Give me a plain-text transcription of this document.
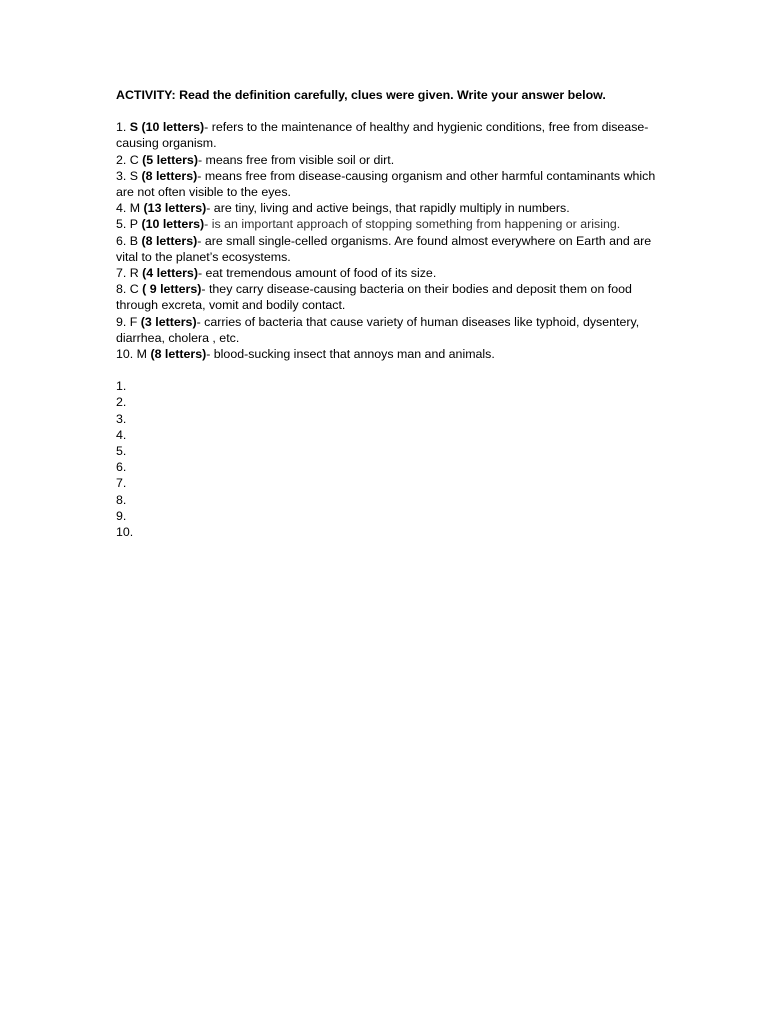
ACTIVITY: Read the definition carefully, clues were given. Write your answer below.

1. S (10 letters)- refers to the maintenance of healthy and hygienic conditions, free from disease-causing organism.

2. C (5 letters)- means free from visible soil or dirt.

3. S (8 letters)- means free from disease-causing organism and other harmful contaminants which are not often visible to the eyes.

4. M (13 letters)- are tiny, living and active beings, that rapidly multiply in numbers.

5. P (10 letters)- is an important approach of stopping something from happening or arising.

6. B (8 letters)- are small single-celled organisms. Are found almost everywhere on Earth and are vital to the planet’s ecosystems.

7. R (4 letters)- eat tremendous amount of food of its size.

8. C ( 9 letters)- they carry disease-causing bacteria on their bodies and deposit them on food through excreta, vomit and bodily contact.

9. F (3 letters)- carries of bacteria that cause variety of human diseases like typhoid, dysentery, diarrhea, cholera , etc.

10. M (8 letters)- blood-sucking insect that annoys man and animals.

1.

2.

3.

4.

5.

6.

7.

8.

9.

10.
